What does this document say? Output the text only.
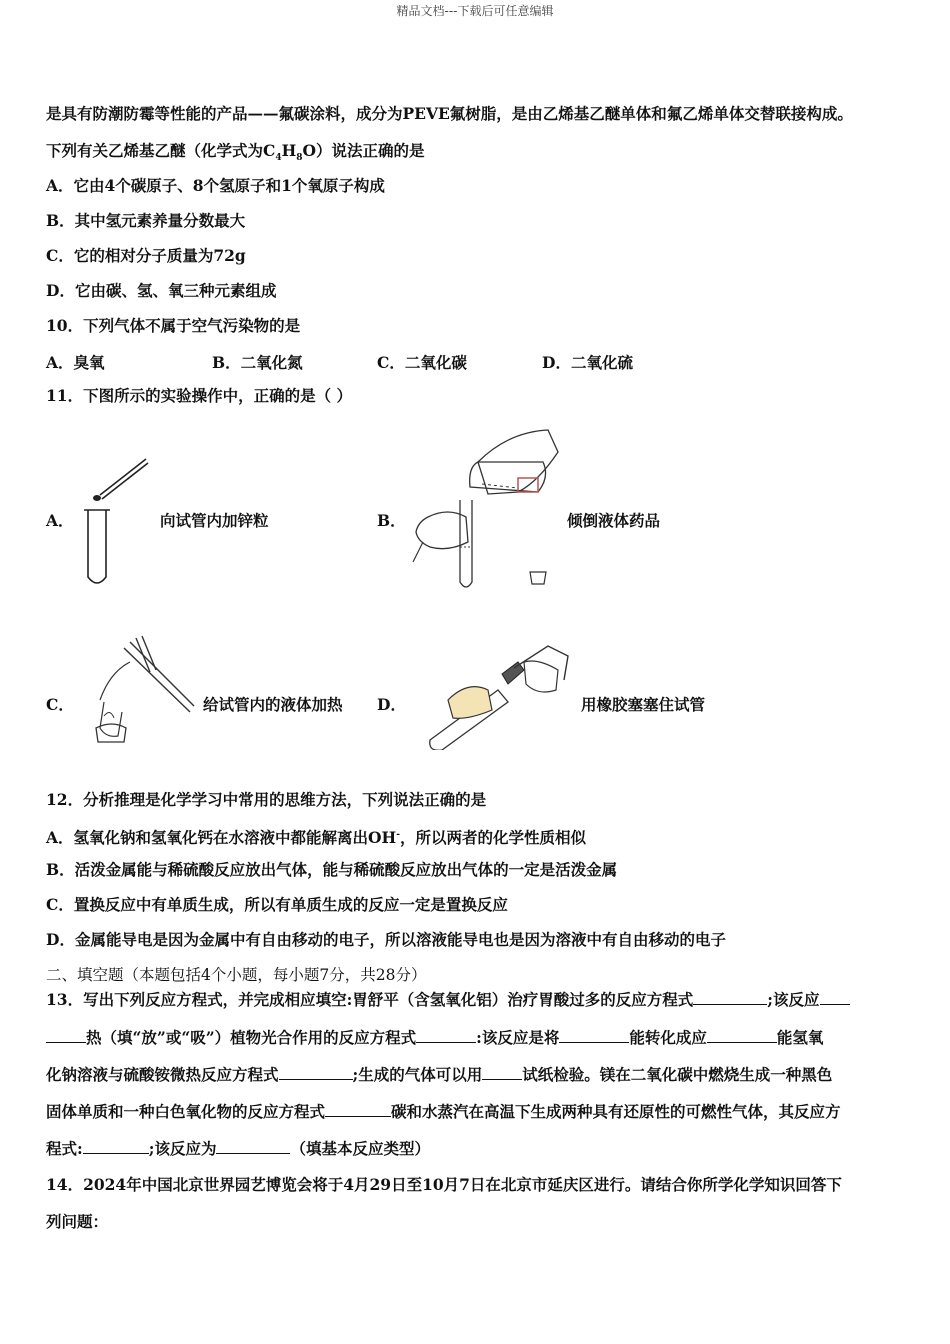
精品文档---下载后可任意编辑
是具有防潮防霉等性能的产品——氟碳涂料，成分为PEVE氟树脂，是由乙烯基乙醚单体和氟乙烯单体交替联接构成。
下列有关乙烯基乙醚（化学式为$C_4H_8O$）说法正确的是
A．它由4个碳原子、8个氢原子和1个氧原子构成
B．其中氢元素养量分数最大
C．它的相对分子质量为72g
D．它由碳、氢、氧三种元素组成
10．下列气体不属于空气污染物的是
A．臭氧	B．二氧化氮	C．二氧化碳	D．二氧化硫
11．下图所示的实验操作中，正确的是（ ）
A．	向试管内加锌粒	B．	倾倒液体药品
C．	给试管内的液体加热 D．	用橡胶塞塞住试管
12．分析推理是化学学习中常用的思维方法，下列说法正确的是
A．氢氧化钠和氢氧化钙在水溶液中都能解离出OH-，所以两者的化学性质相似
B．活泼金属能与稀硫酸反应放出气体，能与稀硫酸反应放出气体的一定是活泼金属
C．置换反应中有单质生成，所以有单质生成的反应一定是置换反应
D．金属能导电是因为金属中有自由移动的电子，所以溶液能导电也是因为溶液中有自由移动的电子
二、填空题（本题包括4个小题，每小题7分，共28分）
13．写出下列反应方程式，并完成相应填空:胃舒平（含氢氧化铝）治疗胃酸过多的反应方程式	;该反应
热（填“放”或“吸”）植物光合作用的反应方程式	:该反应是将	能转化成应	能氢氧
化钠溶液与硫酸铵微热反应方程式	;生成的气体可以用	试纸检验。镁在二氧化碳中燃烧生成一种黑色
固体单质和一种白色氧化物的反应方程式	碳和水蒸汽在高温下生成两种具有还原性的可燃性气体，其反应方
程式:	;该反应为	（填基本反应类型）
14．2024年中国北京世界园艺博览会将于4月29日至10月7日在北京市延庆区进行。请结合你所学化学知识回答下
列问题：
